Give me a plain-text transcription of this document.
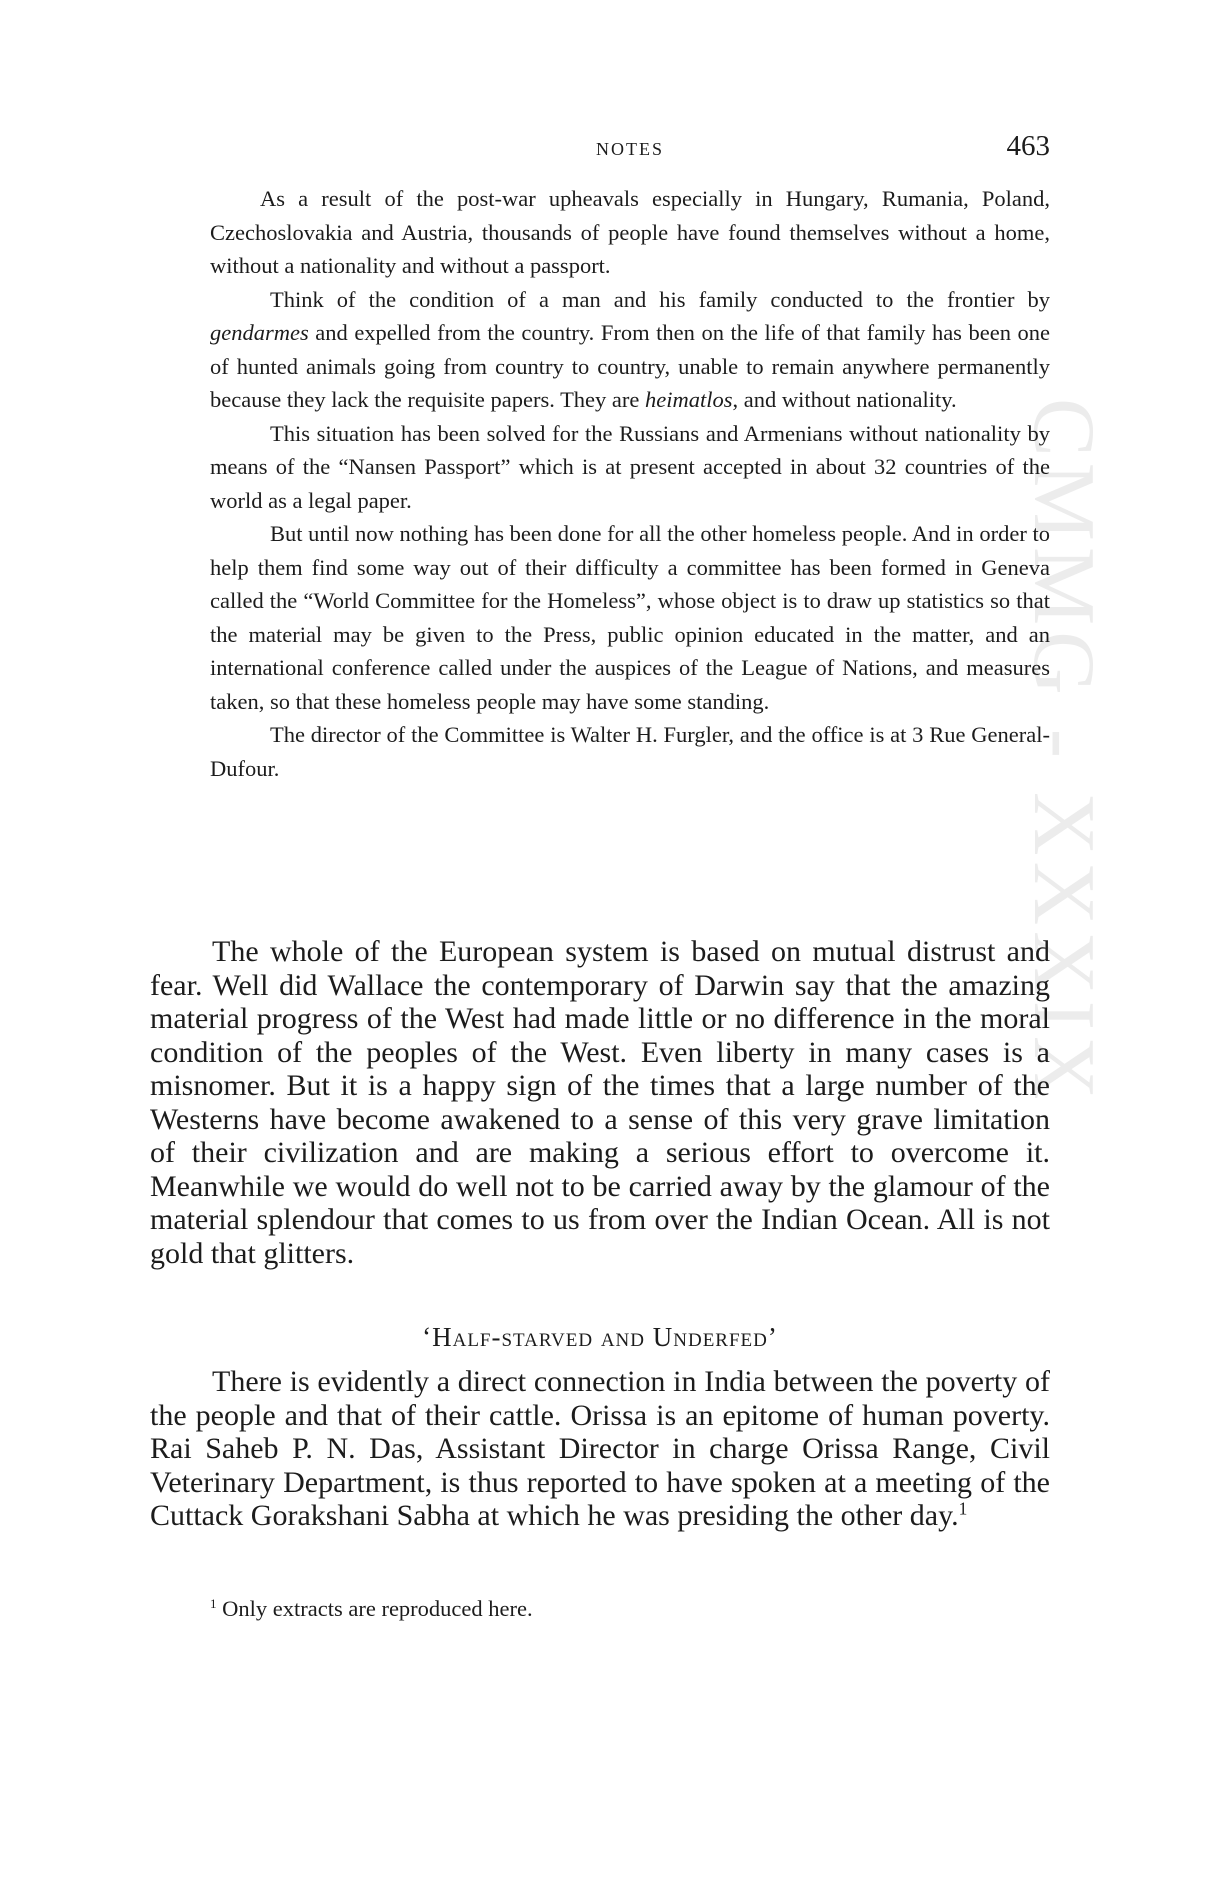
NOTES	463
CMMG - XXXIX

As a result of the post-war upheavals especially in Hungary, Rumania, Poland, Czechoslovakia and Austria, thousands of people have found themselves without a home, without a nationality and without a passport.

Think of the condition of a man and his family conducted to the frontier by gendarmes and expelled from the country. From then on the life of that family has been one of hunted animals going from country to country, unable to remain anywhere permanently because they lack the requisite papers. They are heimatlos, and without nationality.

This situation has been solved for the Russians and Armenians without nationality by means of the “Nansen Passport” which is at present accepted in about 32 countries of the world as a legal paper.

But until now nothing has been done for all the other homeless people. And in order to help them find some way out of their difficulty a committee has been formed in Geneva called the “World Committee for the Homeless”, whose object is to draw up statistics so that the material may be given to the Press, public opinion educated in the matter, and an international conference called under the auspices of the League of Nations, and measures taken, so that these homeless people may have some standing.

The director of the Committee is Walter H. Furgler, and the office is at 3 Rue General-Dufour.

The whole of the European system is based on mutual distrust and fear. Well did Wallace the contemporary of Darwin say that the amazing material progress of the West had made little or no difference in the moral condition of the peoples of the West. Even liberty in many cases is a misnomer. But it is a happy sign of the times that a large number of the Westerns have become awakened to a sense of this very grave limitation of their civilization and are making a serious effort to overcome it. Meanwhile we would do well not to be carried away by the glamour of the material splendour that comes to us from over the Indian Ocean. All is not gold that glitters.

‘Half-starved and Underfed’

There is evidently a direct connection in India between the poverty of the people and that of their cattle. Orissa is an epitome of human poverty. Rai Saheb P. N. Das, Assistant Director in charge Orissa Range, Civil Veterinary Department, is thus reported to have spoken at a meeting of the Cuttack Gorakshani Sabha at which he was presiding the other day.$^1$

$^1$ Only extracts are reproduced here.
